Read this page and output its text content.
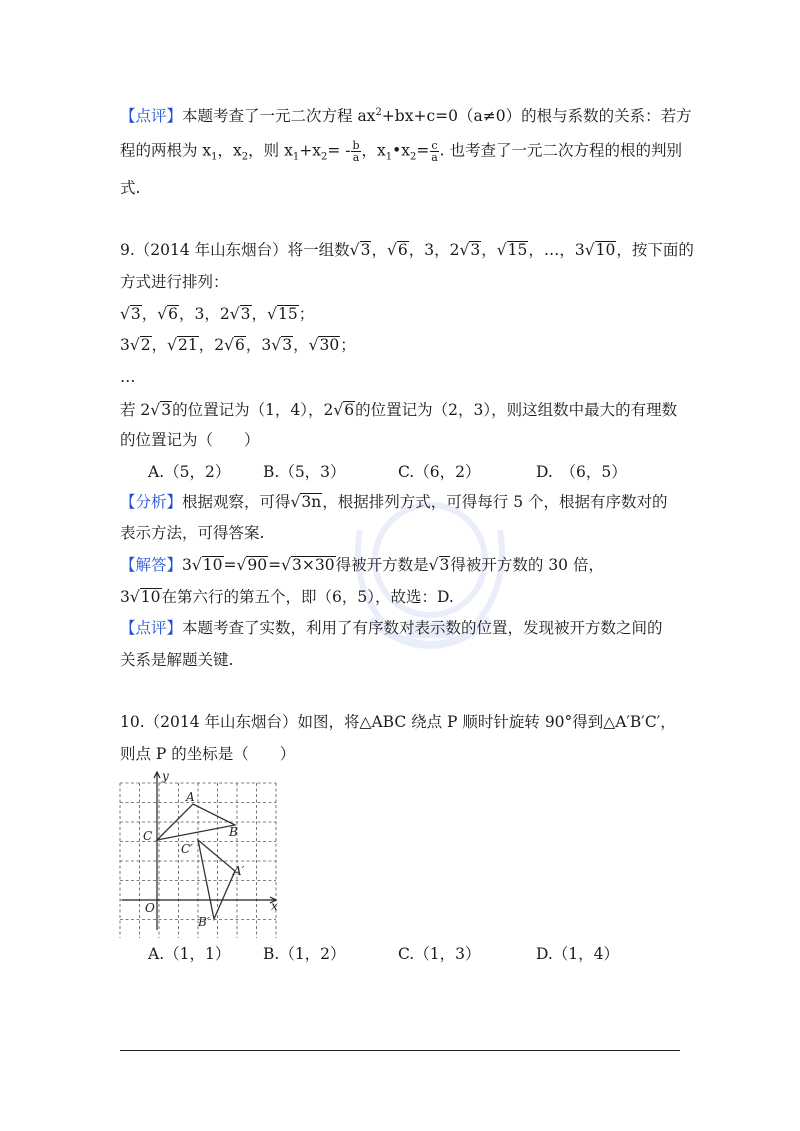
【点评】本题考查了一元二次方程 $ax^2+bx+c=0(a\ne 0)$的根与系数的关系：若方
程的两根为 $x_1$，$x_2$，则 $x_1+x_2= - \frac{b}{a}$ ，$x_1•x_2= \frac{c}{a}$ . 也考查了一元二次方程的根的判别
式.
9.（2014 年山东烟台）将一组数√3，√6，3，2√3，√15，…，3√10，按下面的
方式进行排列：
√3，√6，3，2√3，√15；
3√2，√21，2√6，3√3，√30；
…
若 2√3的位置记为（1，4），2√6的位置记为（2，3），则这组数中最大的有理数
的位置记为（　　）
A.（5，2） B.（5，3）	C.（6，2）	D.　（6，5）
【分析】根据观察，可得√3n，根据排列方式，可得每行 5 个，根据有序数对的
表示方法，可得答案.
【解答】3√10=√90=√3×30得被开方数是√3得被开方数的 30 倍，
3√10在第六行的第五个，即（6，5），故选：D.
【点评】本题考查了实数，利用了有序数对表示数的位置，发现被开方数之间的
关系是解题关键.
10.（2014 年山东烟台）如图，将△ABC 绕点 P 顺时针旋转 90°得到△A′B′C′，
则点 P 的坐标是（　　）
y
x
O
A
B
C
A′
B′
C′
A.（1，1） B.（1，2）	C.（1，3）	D.（1，4）
